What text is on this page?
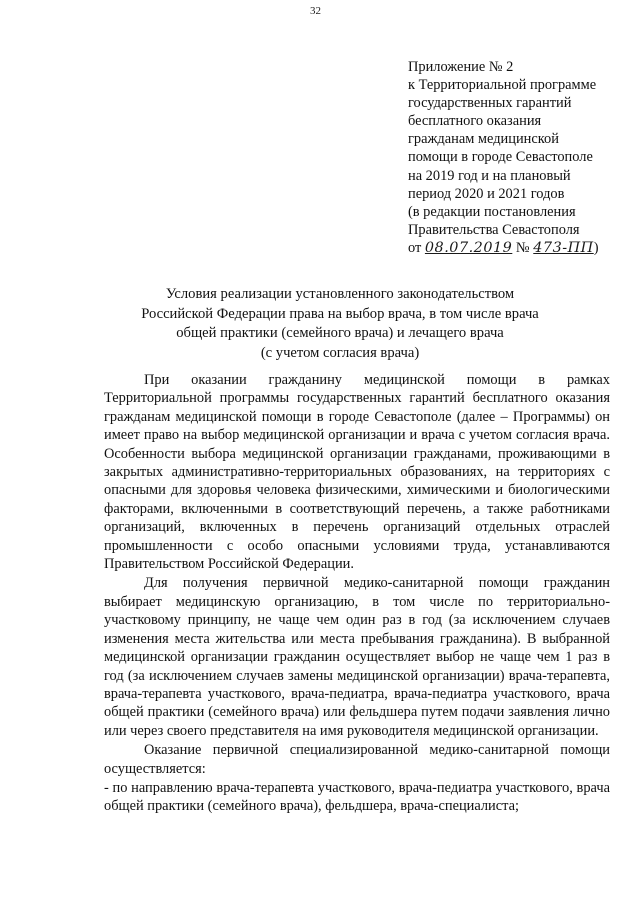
32
Приложение № 2
к Территориальной программе
государственных гарантий
бесплатного оказания
гражданам медицинской
помощи в городе Севастополе
на 2019 год и на плановый
период 2020 и 2021 годов
(в редакции постановления
Правительства Севастополя
от 08.07.2019 № 473-ПП)
Условия реализации установленного законодательством
Российской Федерации права на выбор врача, в том числе врача
общей практики (семейного врача) и лечащего врача
(с учетом согласия врача)

При оказании гражданину медицинской помощи в рамках Территориальной программы государственных гарантий бесплатного оказания гражданам медицинской помощи в городе Севастополе (далее – Программы) он имеет право на выбор медицинской организации и врача с учетом согласия врача. Особенности выбора медицинской организации гражданами, проживающими в закрытых административно-территориальных образованиях, на территориях с опасными для здоровья человека физическими, химическими и биологическими факторами, включенными в соответствующий перечень, а также работниками организаций, включенных в перечень организаций отдельных отраслей промышленности с особо опасными условиями труда, устанавливаются Правительством Российской Федерации.

Для получения первичной медико-санитарной помощи гражданин выбирает медицинскую организацию, в том числе по территориально-участковому принципу, не чаще чем один раз в год (за исключением случаев изменения места жительства или места пребывания гражданина). В выбранной медицинской организации гражданин осуществляет выбор не чаще чем 1 раз в год (за исключением случаев замены медицинской организации) врача-терапевта, врача-терапевта участкового, врача-педиатра, врача-педиатра участкового, врача общей практики (семейного врача) или фельдшера путем подачи заявления лично или через своего представителя на имя руководителя медицинской организации.

Оказание первичной специализированной медико-санитарной помощи осуществляется:

- по направлению врача-терапевта участкового, врача-педиатра участкового, врача общей практики (семейного врача), фельдшера, врача-специалиста;
